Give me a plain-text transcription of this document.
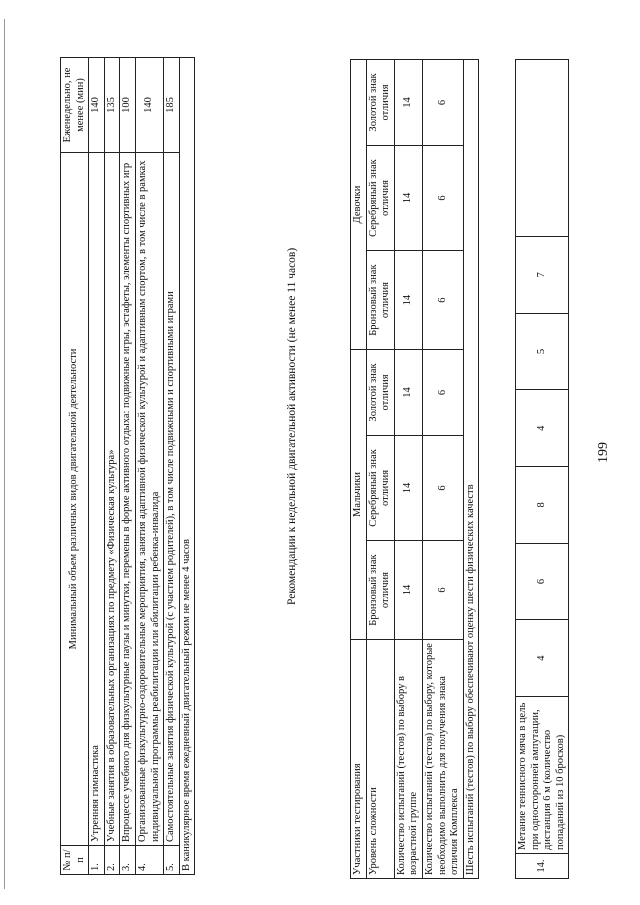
199
14.	Метание теннисного мяча в цель при односторонней ампутации, дистанция 6 м (количество попаданий из 10 бросков)	4	6	8	4	5	7	
Участники тестирования	Мальчики			Девочки		
Уровень сложности	Бронзовый знак отличия	Серебряный знак отличия	Золотой знак отличия	Бронзовый знак отличия	Серебряный знак отличия	Золотой знак отличия
Количество испытаний (тестов) по выбору в возрастной группе	14	14	14	14	14	14
Количество испытаний (тестов) по выбору, которые необходимо выполнить для получения знака отличия Комплекса	6	6	6	6	6	6
Шесть испытаний (тестов) по выбору обеспечивают оценку шести физических качеств						
Рекомендации к недельной двигательной активности (не менее 11 часов)
№ п/п	Минимальный объем различных видов двигательной деятельности	Еженедельно, не менее (мин)
1.	Утренняя гимнастика	140
2.	Учебные занятия в образовательных организациях по предмету «Физическая культура»	135
3.	Впроцессе учебного дня физкультурные паузы и минутки, перемены в форме активного отдыха: подвижные игры, эстафеты, элементы спортивных игр	100
4.	Организованные физкультурно-оздоровительные мероприятия, занятия адаптивной физической культурой и адаптивным спортом, в том числе в рамках индивидуальной программы реабилитации или абилитации ребенка-инвалида	140
5.	Самостоятельные занятия физической культурой (с участием родителей), в том числе подвижными и спортивными играми	185
В каникулярное время ежедневный двигательный режим не менее 4 часов		
